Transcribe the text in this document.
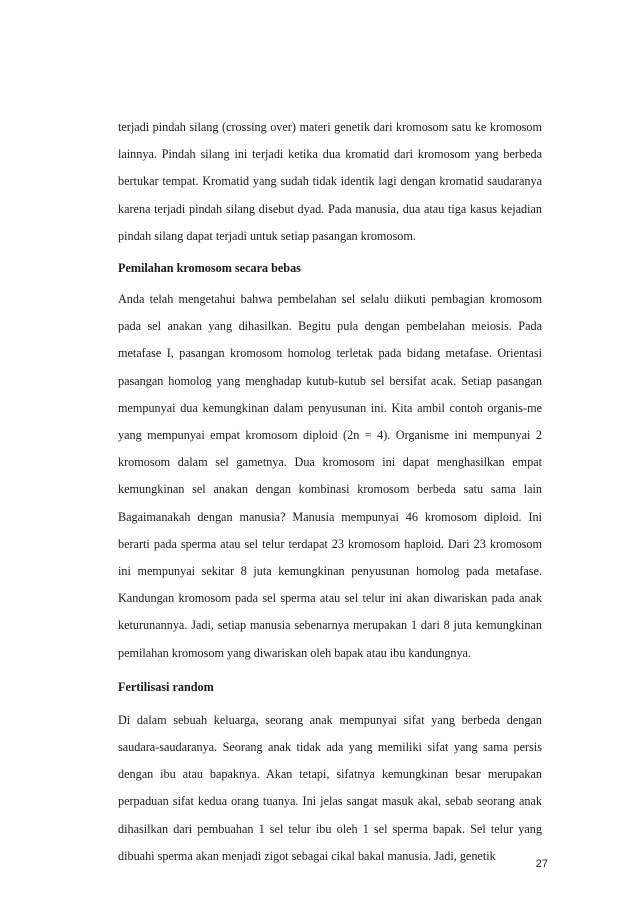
terjadi pindah silang (crossing over) materi genetik dari kromosom satu ke kromosom lainnya. Pindah silang ini terjadi ketika dua kromatid dari kromosom yang berbeda bertukar tempat. Kromatid yang sudah tidak identik lagi dengan kromatid saudaranya karena terjadi pindah silang disebut dyad. Pada manusia, dua atau tiga kasus kejadian pindah silang dapat terjadi untuk setiap pasangan kromosom.

Pemilahan kromosom secara bebas

Anda telah mengetahui bahwa pembelahan sel selalu diikuti pembagian kromosom pada sel anakan yang dihasilkan. Begitu pula dengan pembelahan meiosis. Pada metafase I, pasangan kromosom homolog terletak pada bidang metafase. Orientasi pasangan homolog yang menghadap kutub-kutub sel bersifat acak. Setiap pasangan mempunyai dua kemungkinan dalam penyusunan ini. Kita ambil contoh organis-me yang mempunyai empat kromosom diploid (2n = 4). Organisme ini mempunyai 2 kromosom dalam sel gametnya. Dua kromosom ini dapat menghasilkan empat kemungkinan sel anakan dengan kombinasi kromosom berbeda satu sama lain Bagaimanakah dengan manusia? Manusia mempunyai 46 kromosom diploid. Ini berarti pada sperma atau sel telur terdapat 23 kromosom haploid. Dari 23 kromosom ini mempunyai sekitar 8 juta kemungkinan penyusunan homolog pada metafase. Kandungan kromosom pada sel sperma atau sel telur ini akan diwariskan pada anak keturunannya. Jadi, setiap manusia sebenarnya merupakan 1 dari 8 juta kemungkinan pemilahan kromosom yang diwariskan oleh bapak atau ibu kandungnya.

Fertilisasi random

Di dalam sebuah keluarga, seorang anak mempunyai sifat yang berbeda dengan saudara-saudaranya. Seorang anak tidak ada yang memiliki sifat yang sama persis dengan ibu atau bapaknya. Akan tetapi, sifatnya kemungkinan besar merupakan perpaduan sifat kedua orang tuanya. Ini jelas sangat masuk akal, sebab seorang anak dihasilkan dari pembuahan 1 sel telur ibu oleh 1 sel sperma bapak. Sel telur yang dibuahi sperma akan menjadi zigot sebagai cikal bakal manusia. Jadi, genetik

27
